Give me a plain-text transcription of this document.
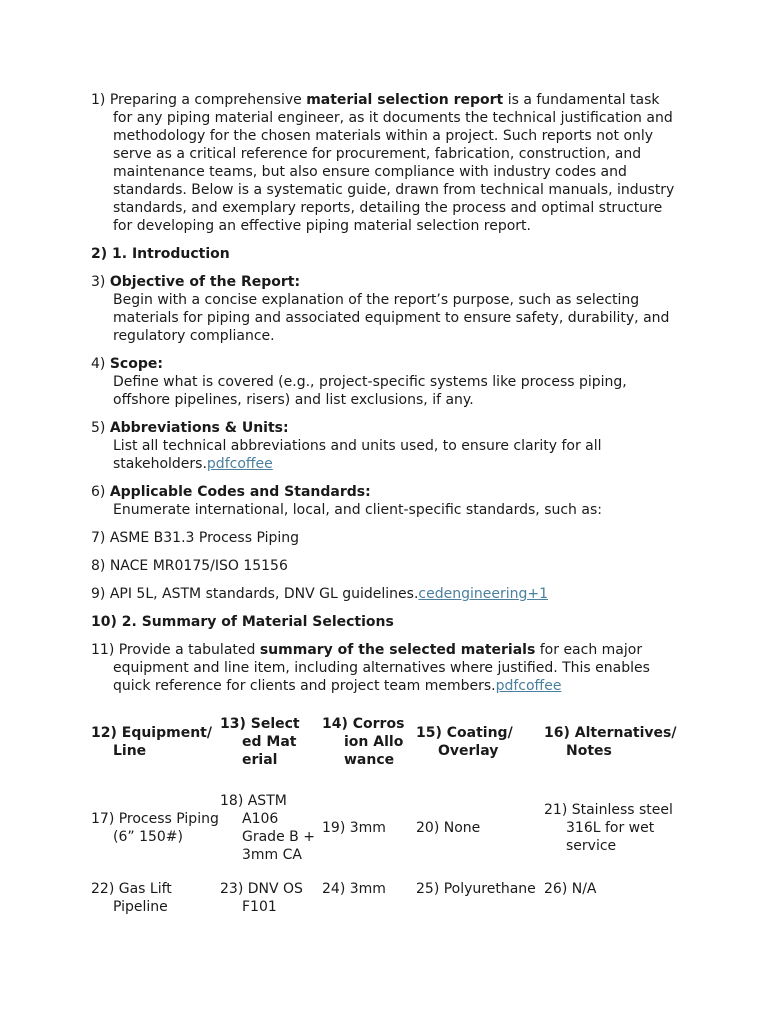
1) Preparing a comprehensive material selection report is a fundamental task for any piping material engineer, as it documents the technical justification and methodology for the chosen materials within a project. Such reports not only serve as a critical reference for procurement, fabrication, construction, and maintenance teams, but also ensure compliance with industry codes and standards. Below is a systematic guide, drawn from technical manuals, industry standards, and exemplary reports, detailing the process and optimal structure for developing an effective piping material selection report.

2) 1. Introduction

3) Objective of the Report:
Begin with a concise explanation of the report’s purpose, such as selecting materials for piping and associated equipment to ensure safety, durability, and regulatory compliance.

4) Scope:
Define what is covered (e.g., project-specific systems like process piping, offshore pipelines, risers) and list exclusions, if any.

5) Abbreviations & Units:
List all technical abbreviations and units used, to ensure clarity for all stakeholders.pdfcoffee

6) Applicable Codes and Standards:
Enumerate international, local, and client-specific standards, such as:

7) ASME B31.3 Process Piping

8) NACE MR0175/ISO 15156

9) API 5L, ASTM standards, DNV GL guidelines.cedengineering+1

10) 2. Summary of Material Selections

11) Provide a tabulated summary of the selected materials for each major equipment and line item, including alternatives where justified. This enables quick reference for clients and project team members.pdfcoffee

12) Equipment/ Line	13) Selected Material	14) Corrosion Allowance	15) Coating/ Overlay	16) Alternatives/ Notes

17) Process Piping (6” 150#)	18) ASTM A106 Grade B + 3mm CA	19) 3mm	20) None	21) Stainless steel 316L for wet service

22) Gas Lift Pipeline	23) DNV OS F101	24) 3mm	25) Polyurethane	26) N/A
